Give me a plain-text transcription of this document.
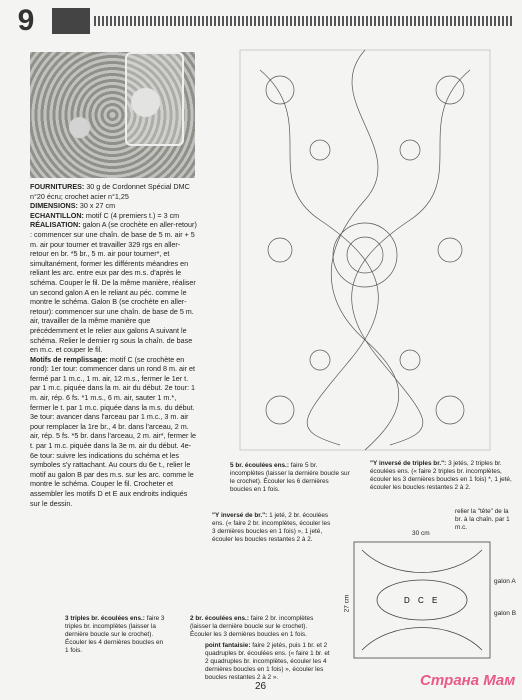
9

FOURNITURES: 30 g de Cordonnet Spécial DMC n°20 écru; crochet acier n°1,25

DIMENSIONS: 30 x 27 cm

ECHANTILLON: motif C (4 premiers t.) = 3 cm

RÉALISATION: galon A (se crochète en aller-retour) : commencer sur une chaîn. de base de 5 m. air + 5 m. air pour tourner et travailler 329 rgs en aller-retour en br. *5 br., 5 m. air pour tourner*, et simultanément, former les différents méandres en reliant les arc. entre eux par des m.s. d'après le schéma. Couper le fil. De la même manière, réaliser un second galon A en le reliant au péc. comme le montre le schéma. Galon B (se crochète en aller-retour): commencer sur une chaîn. de base de 5 m. air, travailler de la même manière que précédemment et le relier aux galons A suivant le schéma. Relier le dernier rg sous la chaîn. de base en m.c. et couper le fil.

Motifs de remplissage: motif C (se crochète en rond): 1er tour: commencer dans un rond 8 m. air et fermé par 1 m.c., 1 m. air, 12 m.s., fermer le 1er t. par 1 m.c. piquée dans la m. air du début. 2e tour: 1 m. air, rép. 6 fs. *1 m.s., 6 m. air, sauter 1 m.*, fermer le t. par 1 m.c. piquée dans la m.s. du début. 3e tour: avancer dans l'arceau par 1 m.c., 3 m. air pour remplacer la 1re br., 4 br. dans l'arceau, 2 m. air, rép. 5 fs. *5 br. dans l'arceau, 2 m. air*, fermer le t. par 1 m.c. piquée dans la 3e m. air du début. 4e-6e tour: suivre les indications du schéma et les symboles s'y rattachant. Au cours du 6e t., relier le motif au galon B par des m.s. sur les arc. comme le montre le schéma. Couper le fil. Crocheter et assembler les motifs D et E aux endroits indiqués sur le dessin.

5 br. écoulées ens.: faire 5 br. incomplètes (laisser la dernière boucle sur le crochet). Écouler les 6 dernières boucles en 1 fois.
"Y inversé de triples br.": 3 jetés, 2 triples br. écoulées ens. (« faire 2 triples br. incomplètes, écouler les 3 dernières boucles en 1 fois) *, 1 jeté, écouler les boucles restantes 2 à 2.
"Y inversé de br.": 1 jeté, 2 br. écoulées ens. (« faire 2 br. incomplètes, écouler les 3 dernières boucles en 1 fois) », 1 jeté, écouler les boucles restantes 2 à 2.
relier la "tête" de la br. à la chaîn. par 1 m.c.
3 triples br. écoulées ens.: faire 3 triples br. incomplètes (laisser la dernière boucle sur le crochet). Écouler les 4 dernières boucles en 1 fois.
2 br. écoulées ens.: faire 2 br. incomplètes (laisser la dernière boucle sur le crochet). Écouler les 3 dernières boucles en 1 fois.
point fantaisie: faire 2 jetés, puis 1 br. et 2 quadruples br. écoulées ens. (« faire 1 br. et 2 quadruples br. incomplètes, écouler les 4 dernières boucles en 1 fois) », écouler les boucles restantes 2 à 2 ».
30 cm
27 cm	D C E
galon A
galon B
26	Страна Мам
